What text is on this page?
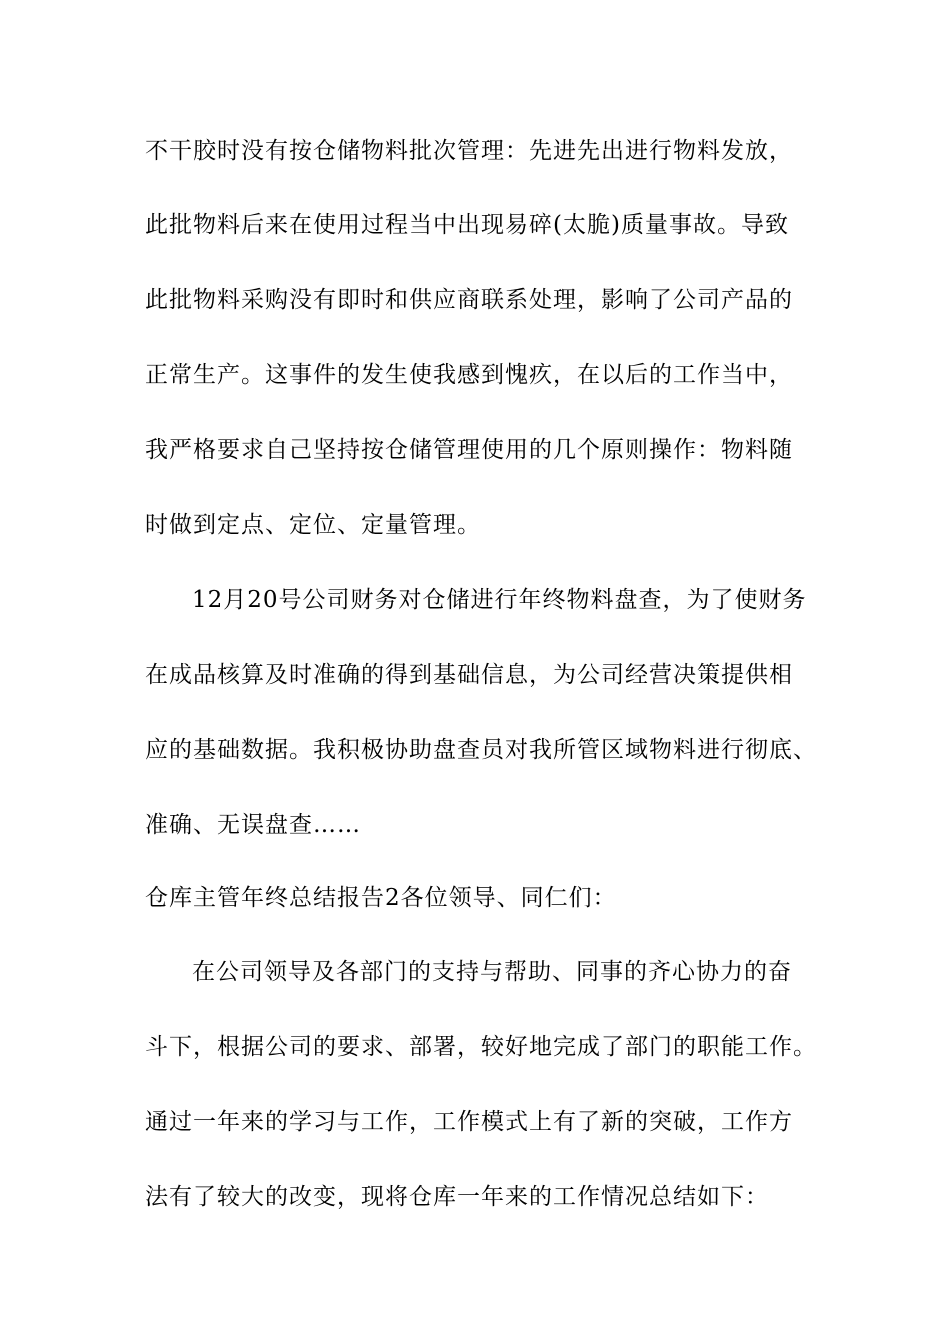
不干胶时没有按仓储物料批次管理：先进先出进行物料发放，
此批物料后来在使用过程当中出现易碎(太脆)质量事故。导致
此批物料采购没有即时和供应商联系处理，影响了公司产品的
正常生产。这事件的发生使我感到愧疚，在以后的工作当中，
我严格要求自己坚持按仓储管理使用的几个原则操作：物料随
时做到定点、定位、定量管理。
12月20号公司财务对仓储进行年终物料盘查，为了使财务
在成品核算及时准确的得到基础信息，为公司经营决策提供相
应的基础数据。我积极协助盘查员对我所管区域物料进行彻底、
准确、无误盘查……
仓库主管年终总结报告2各位领导、同仁们：
在公司领导及各部门的支持与帮助、同事的齐心协力的奋
斗下，根据公司的要求、部署，较好地完成了部门的职能工作。
通过一年来的学习与工作，工作模式上有了新的突破，工作方
法有了较大的改变，现将仓库一年来的工作情况总结如下：
